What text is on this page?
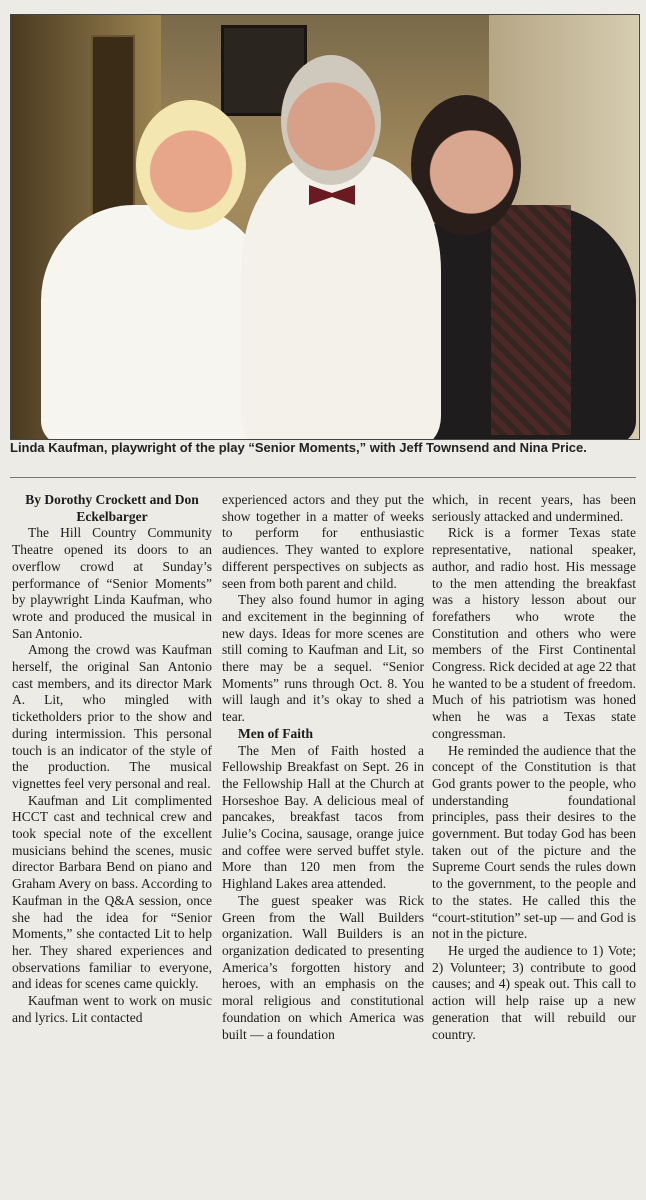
Linda Kaufman, playwright of the play “Senior Moments,” with Jeff Townsend and Nina Price.

By Dorothy Crockett and Don Eckelbarger

The Hill Country Community Theatre opened its doors to an overflow crowd at Sunday’s performance of “Senior Moments” by playwright Linda Kaufman, who wrote and produced the musical in San Antonio.

Among the crowd was Kaufman herself, the original San Antonio cast members, and its director Mark A. Lit, who mingled with ticketholders prior to the show and during intermission. This personal touch is an indicator of the style of the production. The musical vignettes feel very personal and real.

Kaufman and Lit complimented HCCT cast and technical crew and took special note of the excellent musicians behind the scenes, music director Barbara Bend on piano and Graham Avery on bass. According to Kaufman in the Q&A session, once she had the idea for “Senior Moments,” she contacted Lit to help her. They shared experiences and observations familiar to everyone, and ideas for scenes came quickly.

Kaufman went to work on music and lyrics. Lit contacted

experienced actors and they put the show together in a matter of weeks to perform for enthusiastic audiences. They wanted to explore different perspectives on subjects as seen from both parent and child.

They also found humor in aging and excitement in the beginning of new days. Ideas for more scenes are still coming to Kaufman and Lit, so there may be a sequel. “Senior Moments” runs through Oct. 8. You will laugh and it’s okay to shed a tear.

Men of Faith

The Men of Faith hosted a Fellowship Breakfast on Sept. 26 in the Fellowship Hall at the Church at Horseshoe Bay. A delicious meal of pancakes, breakfast tacos from Julie’s Cocina, sausage, orange juice and coffee were served buffet style. More than 120 men from the Highland Lakes area attended.

The guest speaker was Rick Green from the Wall Builders organization. Wall Builders is an organization dedicated to presenting America’s forgotten history and heroes, with an emphasis on the moral religious and constitutional foundation on which America was built — a foundation

which, in recent years, has been seriously attacked and undermined.

Rick is a former Texas state representative, national speaker, author, and radio host. His message to the men attending the breakfast was a history lesson about our forefathers who wrote the Constitution and others who were members of the First Continental Congress. Rick decided at age 22 that he wanted to be a student of freedom. Much of his patriotism was honed when he was a Texas state congressman.

He reminded the audience that the concept of the Constitution is that God grants power to the people, who understanding foundational principles, pass their desires to the government. But today God has been taken out of the picture and the Supreme Court sends the rules down to the government, to the people and to the states. He called this the “court-stitution” set-up — and God is not in the picture.

He urged the audience to 1) Vote; 2) Volunteer; 3) contribute to good causes; and 4) speak out. This call to action will help raise up a new generation that will rebuild our country.
